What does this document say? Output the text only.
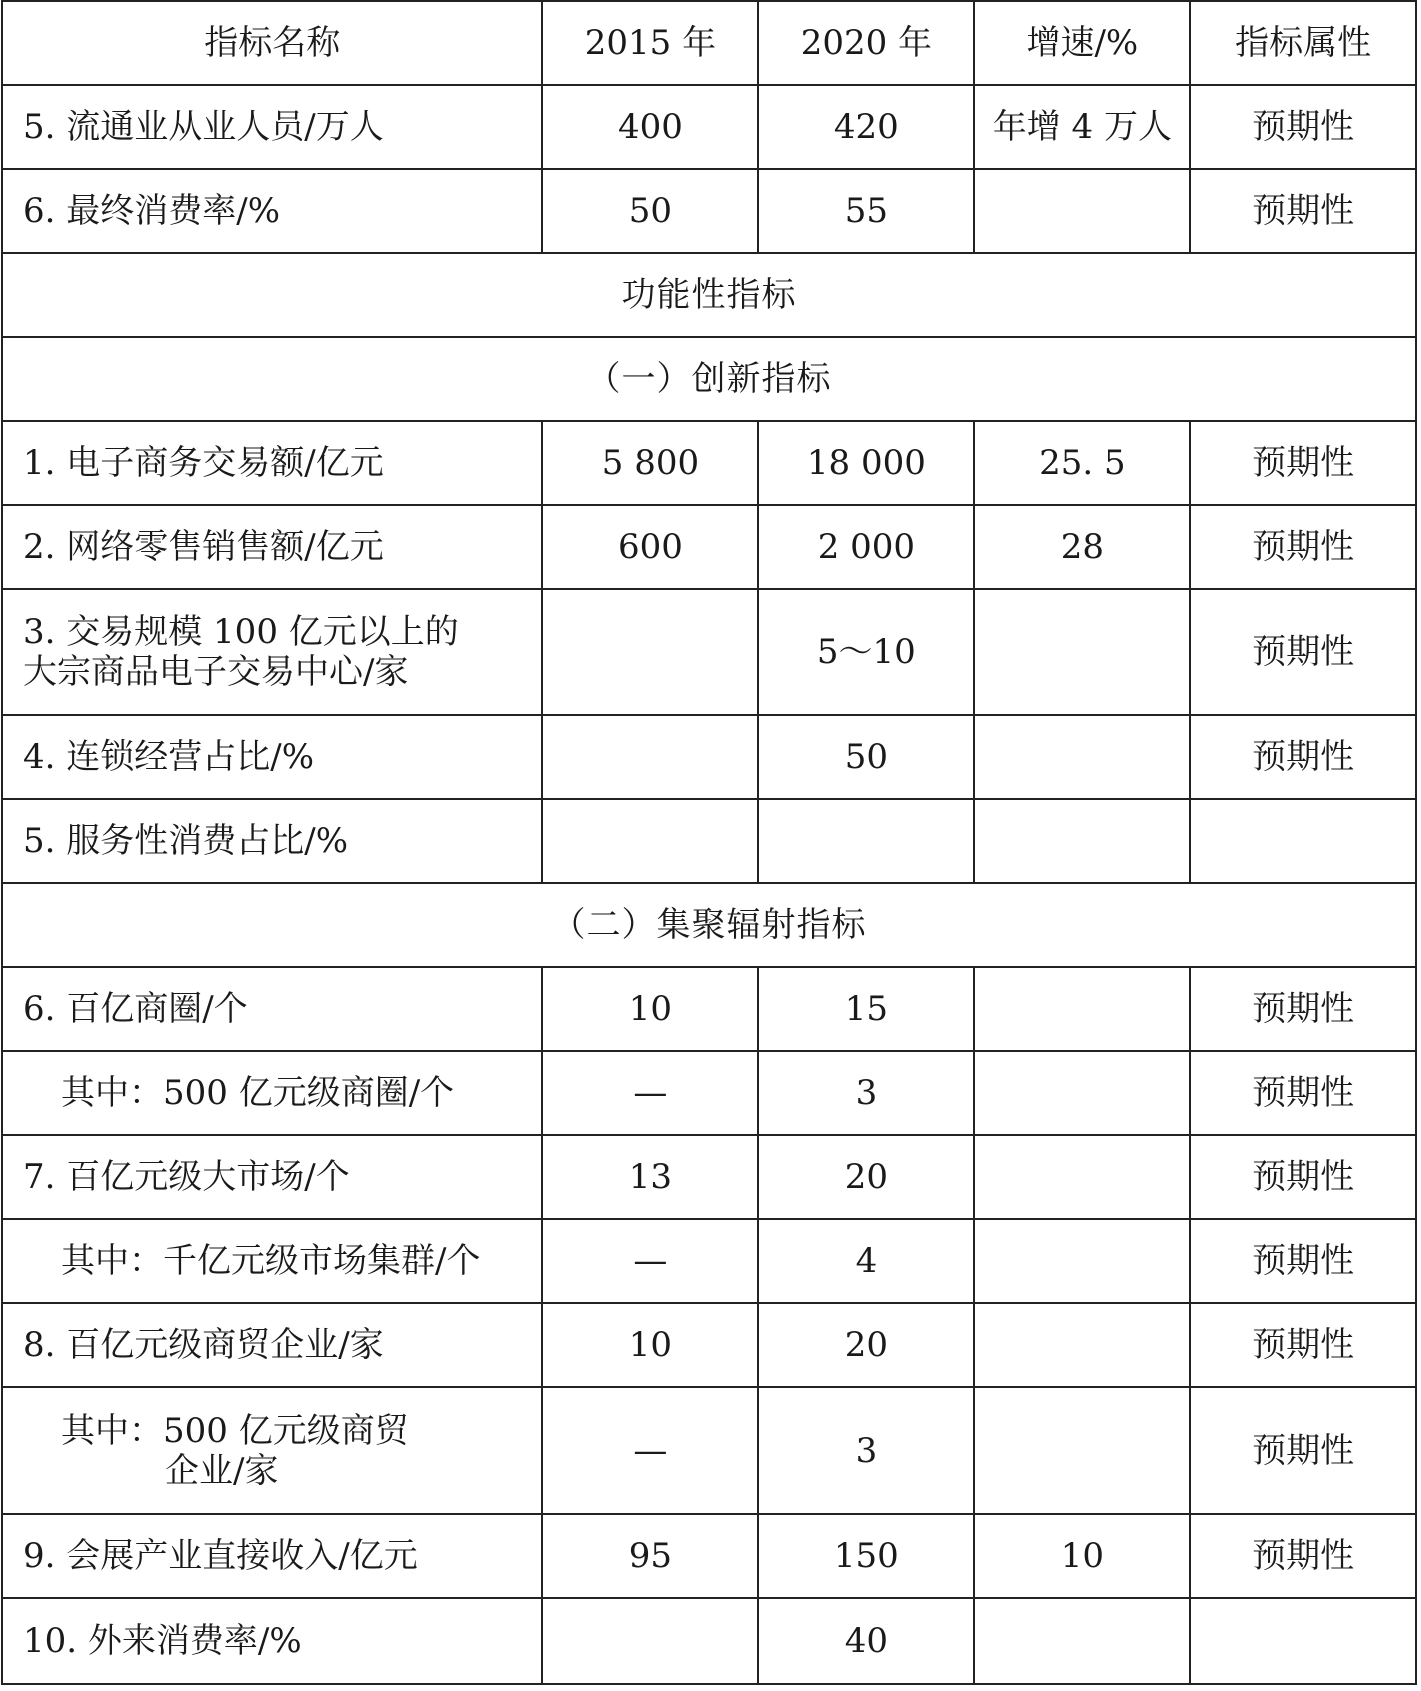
指标名称	2015 年	2020 年	增速/%	指标属性
5. 流通业从业人员/万人	400	420	年增 4 万人	预期性
6. 最终消费率/%	50	55		预期性
功能性指标				
（一）创新指标				
1. 电子商务交易额/亿元	5 800	18 000	25. 5	预期性
2. 网络零售销售额/亿元	600	2 000	28	预期性

3. 交易规模 100 亿元以上的
大宗商品电子交易中心/家		5～10		预期性
4. 连锁经营占比/%		50		预期性
5. 服务性消费占比/%				
（二）集聚辐射指标				
6. 百亿商圈/个	10	15		预期性
其中：500 亿元级商圈/个	—	3		预期性
7. 百亿元级大市场/个	13	20		预期性
其中：千亿元级市场集群/个	—	4		预期性
8. 百亿元级商贸企业/家	10	20		预期性

其中：500 亿元级商贸
企业/家	—	3		预期性
9. 会展产业直接收入/亿元	95	150	10	预期性
10. 外来消费率/%		40		
